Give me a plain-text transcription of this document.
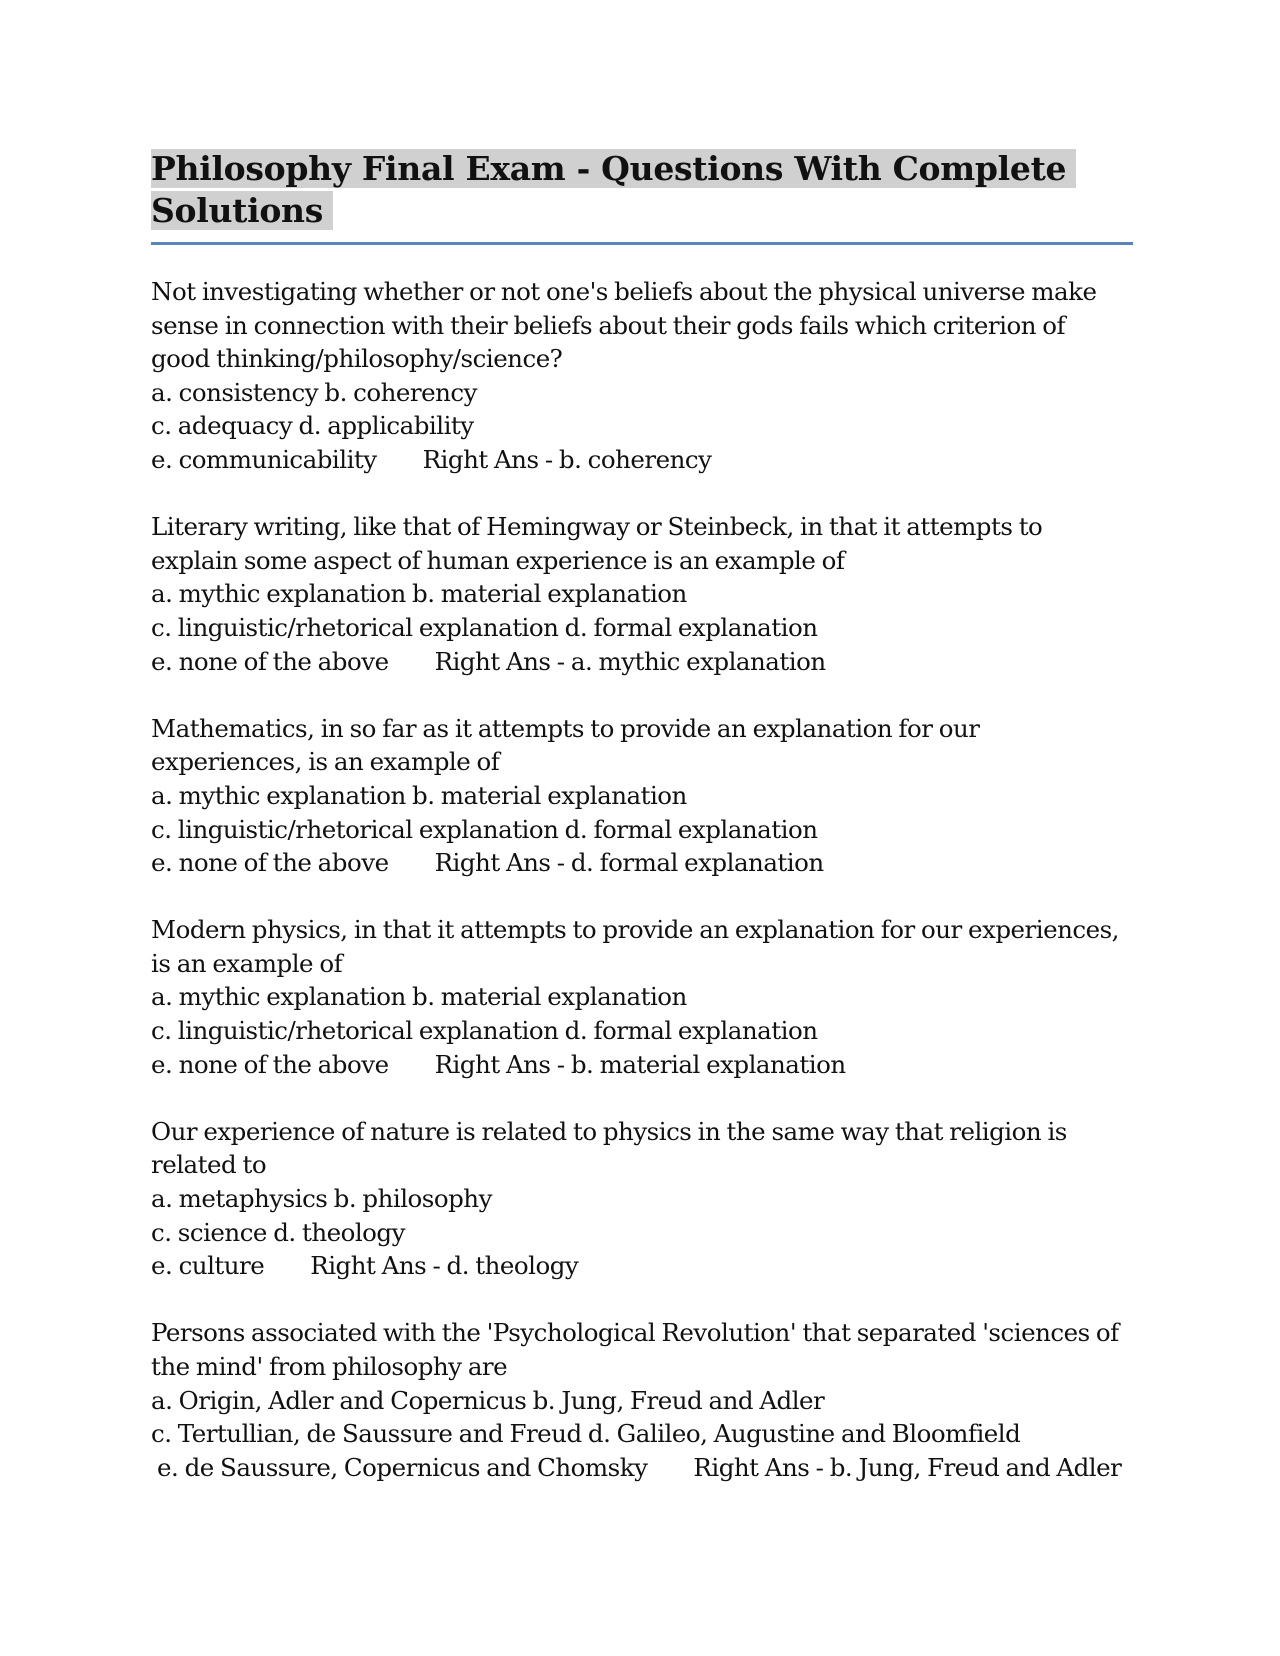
Philosophy Final Exam - Questions With Complete Solutions
Not investigating whether or not one's beliefs about the physical universe make
sense in connection with their beliefs about their gods fails which criterion of
good thinking/philosophy/science?
a. consistency b. coherency
c. adequacy d. applicability
e. communicability Right Ans - b. coherency
Literary writing, like that of Hemingway or Steinbeck, in that it attempts to
explain some aspect of human experience is an example of
a. mythic explanation b. material explanation
c. linguistic/rhetorical explanation d. formal explanation
e. none of the above Right Ans - a. mythic explanation
Mathematics, in so far as it attempts to provide an explanation for our
experiences, is an example of
a. mythic explanation b. material explanation
c. linguistic/rhetorical explanation d. formal explanation
e. none of the above Right Ans - d. formal explanation
Modern physics, in that it attempts to provide an explanation for our experiences,
is an example of
a. mythic explanation b. material explanation
c. linguistic/rhetorical explanation d. formal explanation
e. none of the above Right Ans - b. material explanation
Our experience of nature is related to physics in the same way that religion is
related to
a. metaphysics b. philosophy
c. science d. theology
e. culture Right Ans - d. theology
Persons associated with the 'Psychological Revolution' that separated 'sciences of
the mind' from philosophy are
a. Origin, Adler and Copernicus b. Jung, Freud and Adler
c. Tertullian, de Saussure and Freud d. Galileo, Augustine and Bloomfield
e. de Saussure, Copernicus and Chomsky Right Ans - b. Jung, Freud and Adler
